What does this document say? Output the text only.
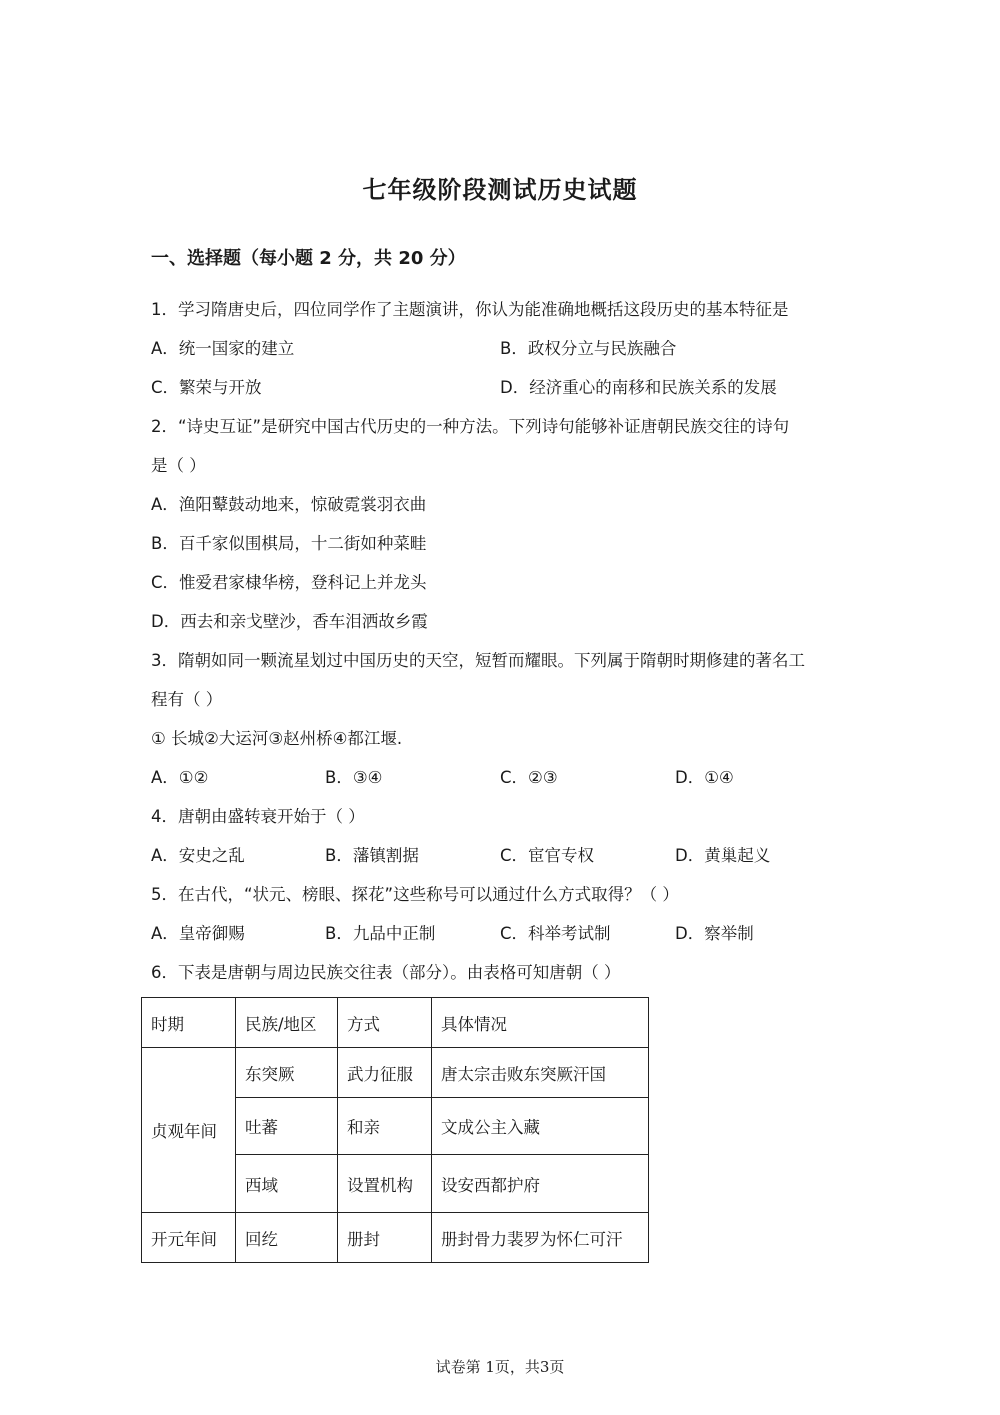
七年级阶段测试历史试题
一、选择题（每小题 2 分，共 20 分）
1．学习隋唐史后，四位同学作了主题演讲，你认为能准确地概括这段历史的基本特征是
A．统一国家的建立	B．政权分立与民族融合
C．繁荣与开放	D．经济重心的南移和民族关系的发展
2．“诗史互证”是研究中国古代历史的一种方法。下列诗句能够补证唐朝民族交往的诗句
是（ ）
A．渔阳鼙鼓动地来，惊破霓裳羽衣曲
B．百千家似围棋局，十二街如种菜畦
C．惟爱君家棣华榜，登科记上并龙头
D．西去和亲戈壁沙，香车泪洒故乡霞
3．隋朝如同一颗流星划过中国历史的天空，短暂而耀眼。下列属于隋朝时期修建的著名工
程有（ ）
① 长城②大运河③赵州桥④都江堰.
A．①②	B．③④	C．②③	D．①④
4．唐朝由盛转衰开始于（ ）
A．安史之乱	B．藩镇割据	C．宦官专权	D．黄巢起义
5．在古代，“状元、榜眼、探花”这些称号可以通过什么方式取得？（ ）
A．皇帝御赐	B．九品中正制	C．科举考试制	D．察举制
6．下表是唐朝与周边民族交往表（部分）。由表格可知唐朝（ ）
时期	民族/地区	方式	具体情况
贞观年间	东突厥	武力征服	唐太宗击败东突厥汗国
	吐蕃	和亲	文成公主入藏
	西域	设置机构	设安西都护府
开元年间	回纥	册封	册封骨力裴罗为怀仁可汗
试卷第 1页，共3页
